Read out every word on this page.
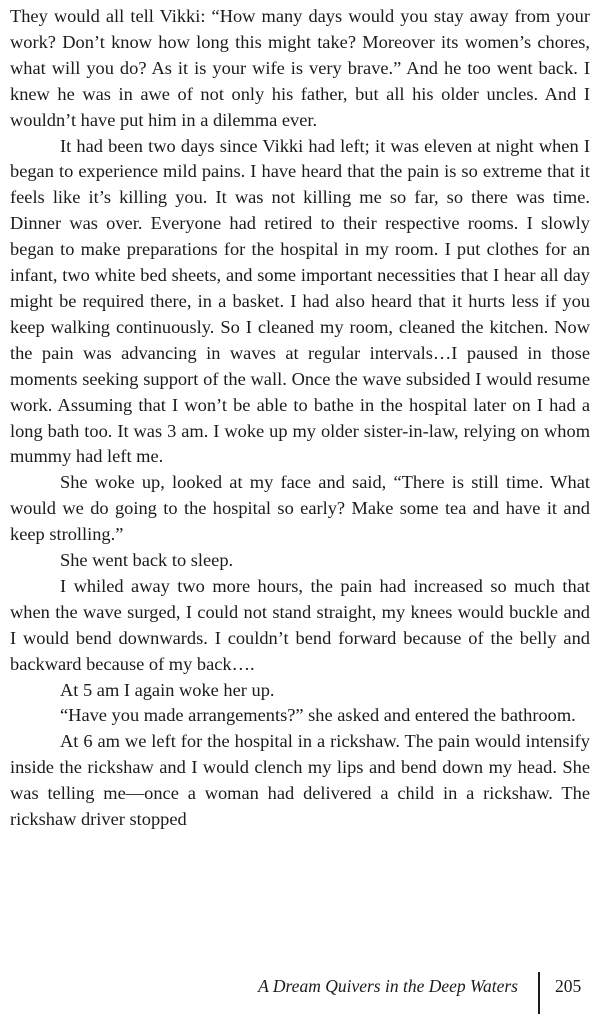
They would all tell Vikki: “How many days would you stay away from your work? Don’t know how long this might take? Moreover its women’s chores, what will you do? As it is your wife is very brave.” And he too went back. I knew he was in awe of not only his father, but all his older uncles. And I wouldn’t have put him in a dilemma ever.

It had been two days since Vikki had left; it was eleven at night when I began to experience mild pains. I have heard that the pain is so extreme that it feels like it’s killing you. It was not killing me so far, so there was time. Dinner was over. Everyone had retired to their respective rooms. I slowly began to make preparations for the hospital in my room. I put clothes for an infant, two white bed sheets, and some important necessities that I hear all day might be required there, in a basket. I had also heard that it hurts less if you keep walking continuously. So I cleaned my room, cleaned the kitchen. Now the pain was advancing in waves at regular intervals…I paused in those moments seeking support of the wall. Once the wave subsided I would resume work. Assuming that I won’t be able to bathe in the hospital later on I had a long bath too. It was 3 am. I woke up my older sister-in-law, relying on whom mummy had left me.

She woke up, looked at my face and said, “There is still time. What would we do going to the hospital so early? Make some tea and have it and keep strolling.”

She went back to sleep.

I whiled away two more hours, the pain had increased so much that when the wave surged, I could not stand straight, my knees would buckle and I would bend downwards. I couldn’t bend forward because of the belly and backward because of my back….

At 5 am I again woke her up.

“Have you made arrangements?” she asked and entered the bathroom.

At 6 am we left for the hospital in a rickshaw. The pain would intensify inside the rickshaw and I would clench my lips and bend down my head. She was telling me—once a woman had delivered a child in a rickshaw. The rickshaw driver stopped

A Dream Quivers in the Deep Waters 205
